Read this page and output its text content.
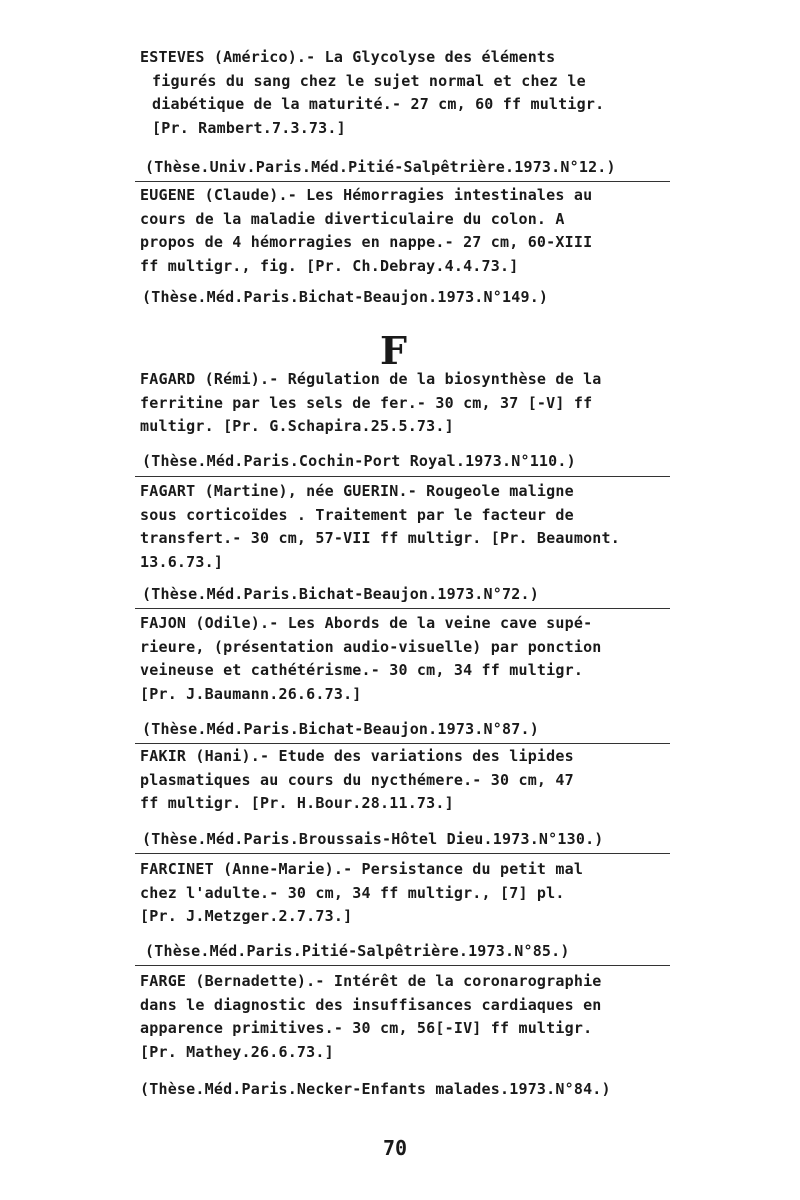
ESTEVES (Américo).- La Glycolyse des éléments

figurés du sang chez le sujet normal et chez le

diabétique de la maturité.- 27 cm, 60 ff multigr.

[Pr. Rambert.7.3.73.]

(Thèse.Univ.Paris.Méd.Pitié-Salpêtrière.1973.N°12.)

EUGENE (Claude).- Les Hémorragies intestinales au

cours de la maladie diverticulaire du colon. A

propos de 4 hémorragies en nappe.- 27 cm, 60-XIII

ff multigr., fig. [Pr. Ch.Debray.4.4.73.]

(Thèse.Méd.Paris.Bichat-Beaujon.1973.N°149.)
F

FAGARD (Rémi).- Régulation de la biosynthèse de la

ferritine par les sels de fer.- 30 cm, 37 [-V] ff

multigr. [Pr. G.Schapira.25.5.73.]

(Thèse.Méd.Paris.Cochin-Port Royal.1973.N°110.)

FAGART (Martine), née GUERIN.- Rougeole maligne

sous corticoïdes . Traitement par le facteur de

transfert.- 30 cm, 57-VII ff multigr. [Pr. Beaumont.

13.6.73.]

(Thèse.Méd.Paris.Bichat-Beaujon.1973.N°72.)

FAJON (Odile).- Les Abords de la veine cave supé-

rieure, (présentation audio-visuelle) par ponction

veineuse et cathétérisme.- 30 cm, 34 ff multigr.

[Pr. J.Baumann.26.6.73.]

(Thèse.Méd.Paris.Bichat-Beaujon.1973.N°87.)

FAKIR (Hani).- Etude des variations des lipides

plasmatiques au cours du nycthémere.- 30 cm, 47

ff multigr. [Pr. H.Bour.28.11.73.]

(Thèse.Méd.Paris.Broussais-Hôtel Dieu.1973.N°130.)

FARCINET (Anne-Marie).- Persistance du petit mal

chez l'adulte.- 30 cm, 34 ff multigr., [7] pl.

[Pr. J.Metzger.2.7.73.]

(Thèse.Méd.Paris.Pitié-Salpêtrière.1973.N°85.)

FARGE (Bernadette).- Intérêt de la coronarographie

dans le diagnostic des insuffisances cardiaques en

apparence primitives.- 30 cm, 56[-IV] ff multigr.

[Pr. Mathey.26.6.73.]

(Thèse.Méd.Paris.Necker-Enfants malades.1973.N°84.)
70
